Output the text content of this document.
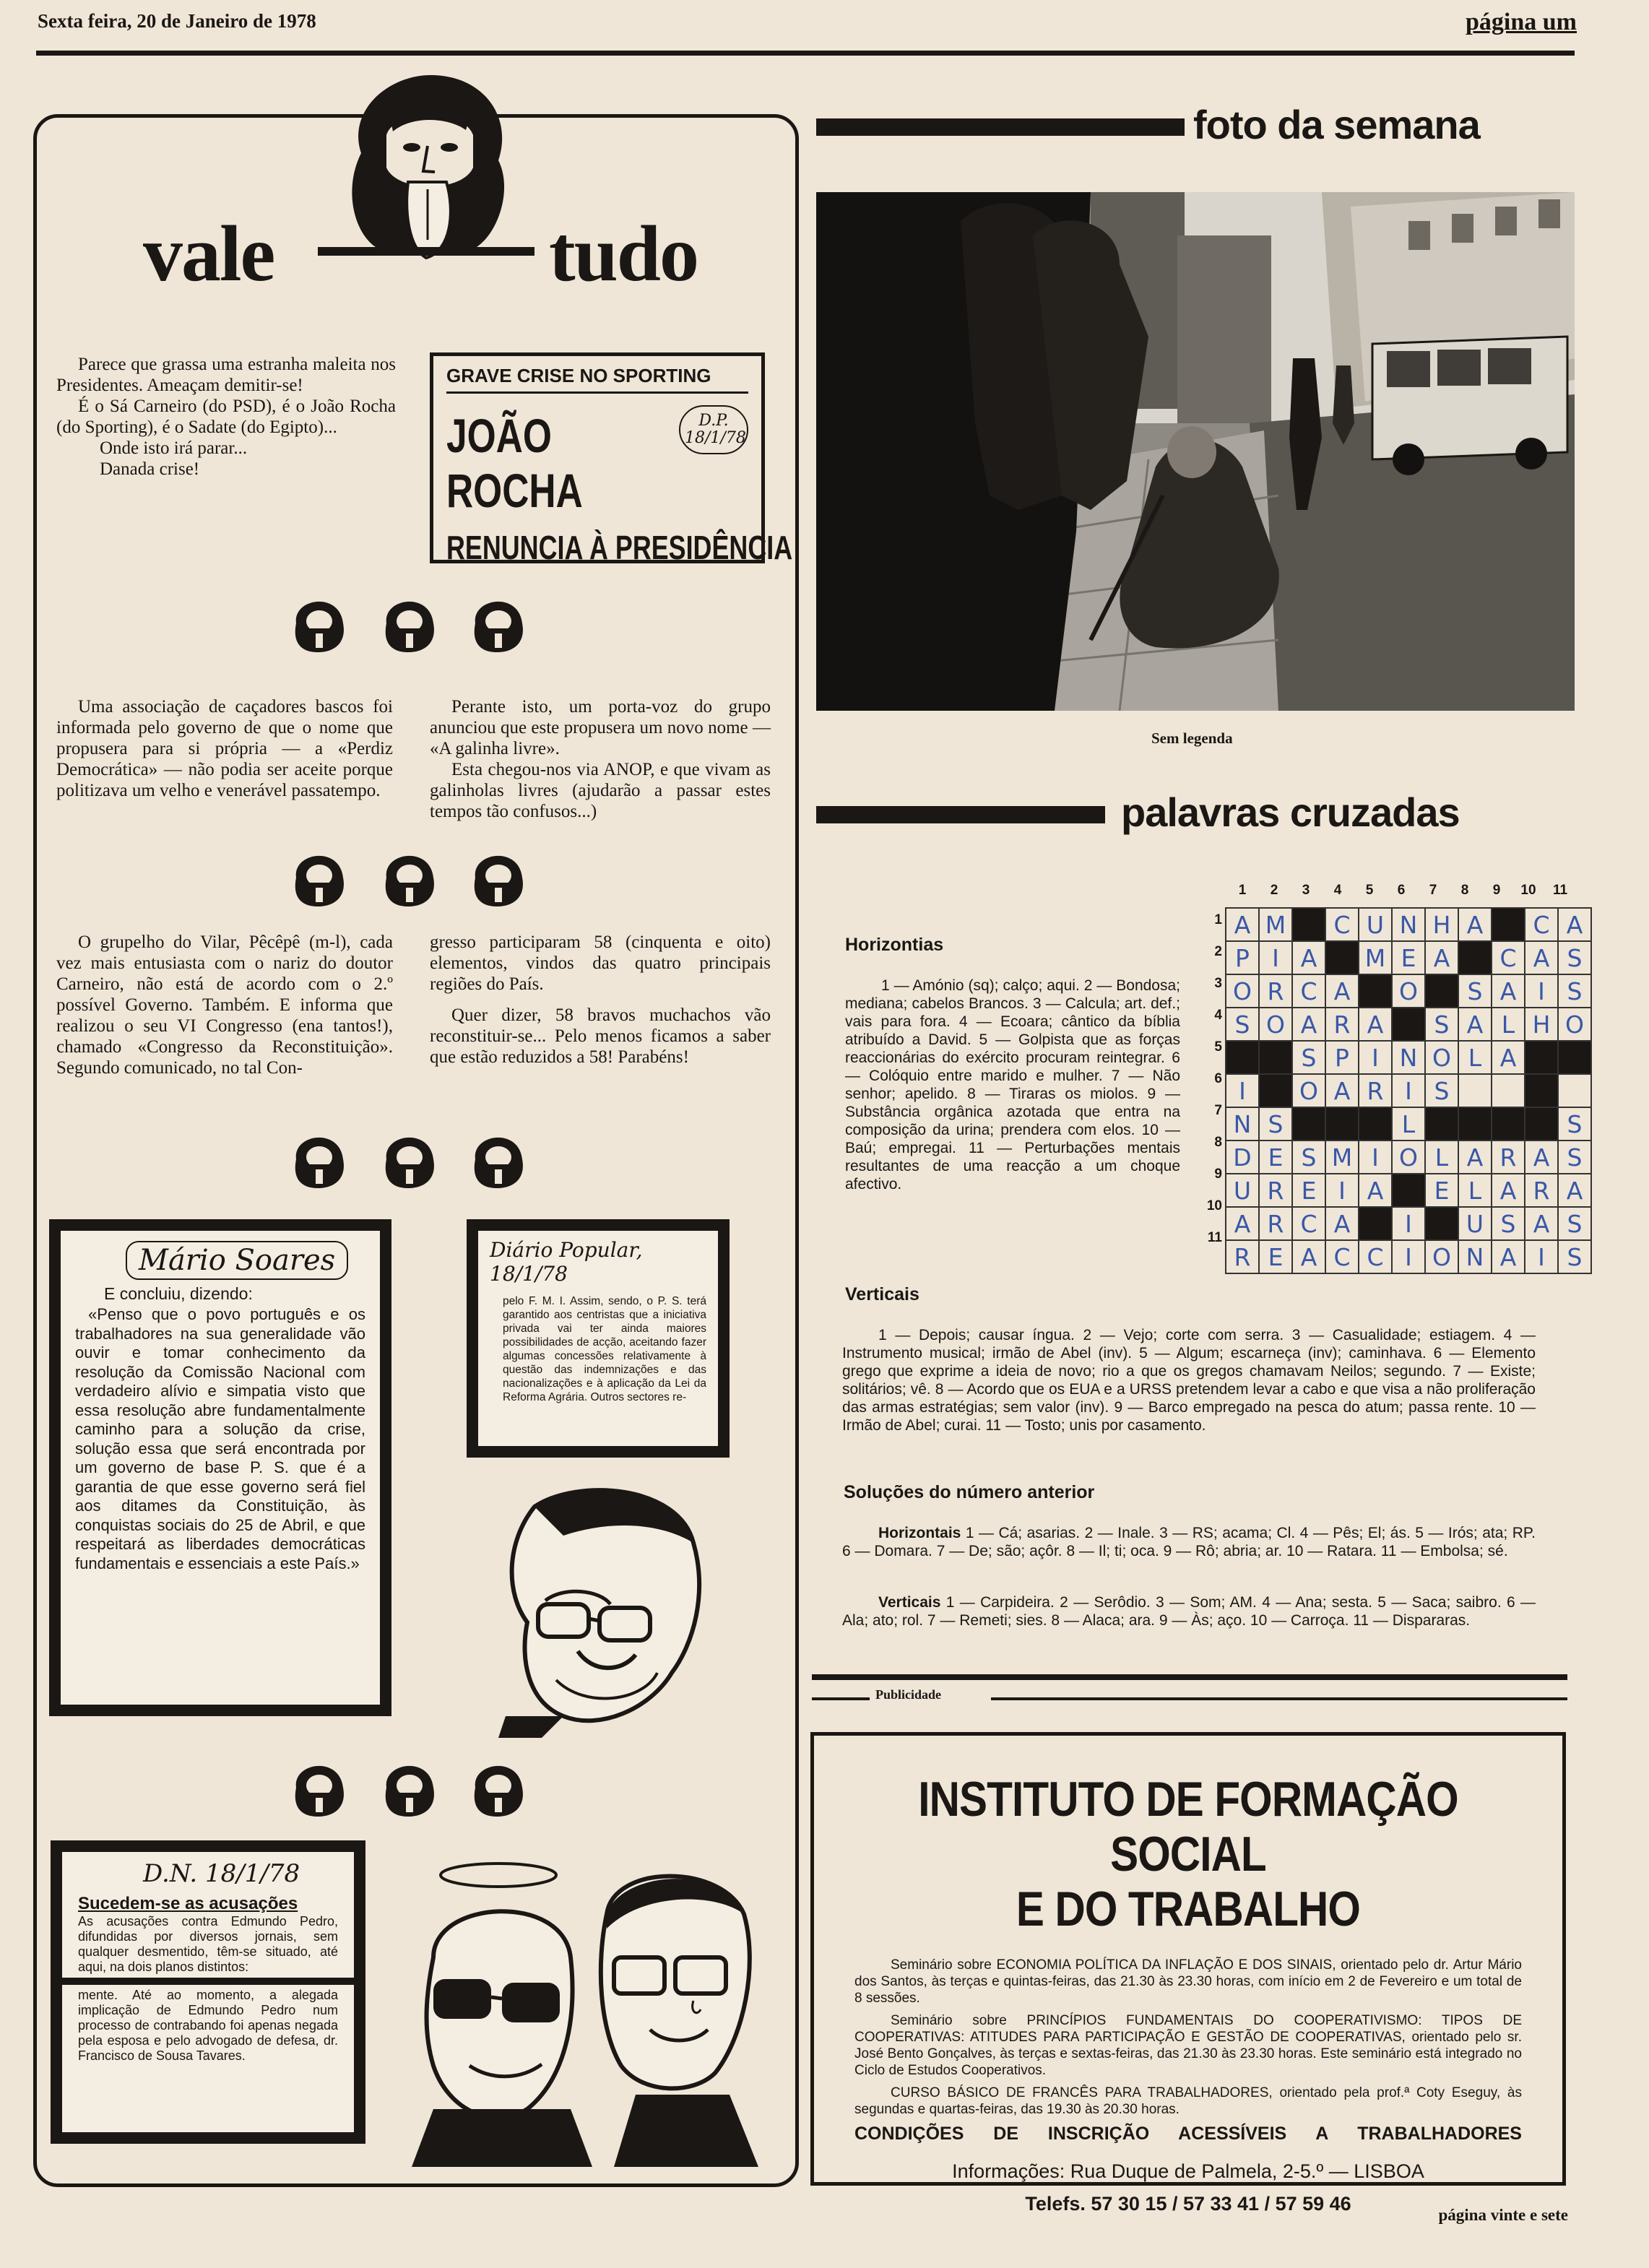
Sexta feira, 20 de Janeiro de 1978	página um
vale	tudo

Parece que grassa uma estranha maleita nos Presidentes. Ameaçam demitir-se!

É o Sá Carneiro (do PSD), é o João Rocha (do Sporting), é o Sadate (do Egipto)...

Onde isto irá parar...

Danada crise!

GRAVE CRISE NO SPORTING
JOÃO ROCHA
RENUNCIA À PRESIDÊNCIA
D.P. 18/1/78

Uma associação de caçadores bascos foi informada pelo governo de que o nome que propusera para si própria — a «Perdiz Democrática» — não podia ser aceite porque politizava um velho e venerável passatempo.

Perante isto, um porta-voz do grupo anunciou que este propusera um novo nome — «A galinha livre».

Esta chegou-nos via ANOP, e que vivam as galinholas livres (ajudarão a passar estes tempos tão confusos...)

O grupelho do Vilar, Pêcêpê (m-l), cada vez mais entusiasta com o nariz do doutor Carneiro, não está de acordo com o 2.º possível Governo. Também. E informa que realizou o seu VI Congresso (ena tantos!), chamado «Congresso da Reconstituição». Segundo comunicado, no tal Con-

gresso participaram 58 (cinquenta e oito) elementos, vindos das quatro principais regiões do País.

Quer dizer, 58 bravos muchachos vão reconstituir-se... Pelo menos ficamos a saber que estão reduzidos a 58! Parabéns!

Mário Soares
E concluiu, dizendo:
«Penso que o povo português e os trabalhadores na sua generalidade vão ouvir e tomar conhecimento da resolução da Comissão Nacional com verdadeiro alívio e simpatia visto que essa resolução abre fundamentalmente caminho para a solução da crise, solução essa que será encontrada por um governo de base P. S. que é a garantia de que esse governo será fiel aos ditames da Constituição, às conquistas sociais do 25 de Abril, e que respeitará as liberdades democráticas fundamentais e essenciais a este País.»
Diário Popular, 18/1/78
pelo F. M. I. Assim, sendo, o P. S. terá garantido aos centristas que a iniciativa privada vai ter ainda maiores possibilidades de acção, aceitando fazer algumas concessões relativamente à questão das indemnizações e das nacionalizações e à aplicação da Lei da Reforma Agrária. Outros sectores re-
D.N. 18/1/78
Sucedem-se as acusações
As acusações contra Edmundo Pedro, difundidas por diversos jornais, sem qualquer desmentido, têm-se situado, até aqui, na dois planos distintos:
mente. Até ao momento, a alegada implicação de Edmundo Pedro num processo de contrabando foi apenas negada pela esposa e pelo advogado de defesa, dr. Francisco de Sousa Tavares.
foto da semana
Sem legenda
palavras cruzadas
1 2 3 4 5 6 7 8 9 10 11
1
2
3
4
5
6
7
8
9
10
11
A	M		C	U	N	H	A		C	A
P	I	A		M	E	A		C	A	S
O	R	C	A		O		S	A	I	S
S	O	A	R	A		S	A	L	H	O
		S	P	I	N	O	L	A		
I		O	A	R	I	S				
N	S				L					S
D	E	S	M	I	O	L	A	R	A	S
U	R	E	I	A		E	L	A	R	A
A	R	C	A		I		U	S	A	S
R	E	A	C	C	I	O	N	A	I	S
Horizontias
1 — Amónio (sq); calço; aqui. 2 — Bondosa; mediana; cabelos Brancos. 3 — Calcula; art. def.; vais para fora. 4 — Ecoara; cântico da bíblia atribuído a David. 5 — Golpista que as forças reaccionárias do exército procuram reintegrar. 6 — Colóquio entre marido e mulher. 7 — Não senhor; apelido. 8 — Tiraras os miolos. 9 — Substância orgânica azotada que entra na composição da urina; prendera com elos. 10 — Baú; empregai. 11 — Perturbações mentais resultantes de uma reacção a um choque afectivo.
Verticais
1 — Depois; causar íngua. 2 — Vejo; corte com serra. 3 — Casualidade; estiagem. 4 — Instrumento musical; irmão de Abel (inv). 5 — Algum; escarneça (inv); caminhava. 6 — Elemento grego que exprime a ideia de novo; rio a que os gregos chamavam Neilos; segundo. 7 — Existe; solitários; vê. 8 — Acordo que os EUA e a URSS pretendem levar a cabo e que visa a não proliferação das armas estratégias; sem valor (inv). 9 — Barco empregado na pesca do atum; passa rente. 10 — Irmão de Abel; curai. 11 — Tosto; unis por casamento.
Soluções do número anterior
Horizontais 1 — Cá; asarias. 2 — Inale. 3 — RS; acama; Cl. 4 — Pês; El; ás. 5 — Irós; ata; RP. 6 — Domara. 7 — De; são; açôr. 8 — Il; ti; oca. 9 — Rô; abria; ar. 10 — Ratara. 11 — Embolsa; sé.
Verticais 1 — Carpideira. 2 — Serôdio. 3 — Som; AM. 4 — Ana; sesta. 5 — Saca; saibro. 6 — Ala; ato; rol. 7 — Remeti; sies. 8 — Alaca; ara. 9 — Às; aço. 10 — Carroça. 11 — Dispararas.
Publicidade
INSTITUTO DE FORMAÇÃO SOCIAL
E DO TRABALHO

Seminário sobre ECONOMIA POLÍTICA DA INFLAÇÃO E DOS SINAIS, orientado pelo dr. Artur Mário dos Santos, às terças e quintas-feiras, das 21.30 às 23.30 horas, com início em 2 de Fevereiro e um total de 8 sessões.

Seminário sobre PRINCÍPIOS FUNDAMENTAIS DO COOPERATIVISMO: TIPOS DE COOPERATIVAS: ATITUDES PARA PARTICIPAÇÃO E GESTÃO DE COOPERATIVAS, orientado pelo sr. José Bento Gonçalves, às terças e sextas-feiras, das 21.30 às 23.30 horas. Este seminário está integrado no Ciclo de Estudos Cooperativos.

CURSO BÁSICO DE FRANCÊS PARA TRABALHADORES, orientado pela prof.ª Coty Eseguy, às segundas e quartas-feiras, das 19.30 às 20.30 horas.

CONDIÇÕES DE INSCRIÇÃO ACESSÍVEIS A TRABALHADORES
Informações: Rua Duque de Palmela, 2-5.º — LISBOA
Telefs. 57 30 15 / 57 33 41 / 57 59 46
página vinte e sete
